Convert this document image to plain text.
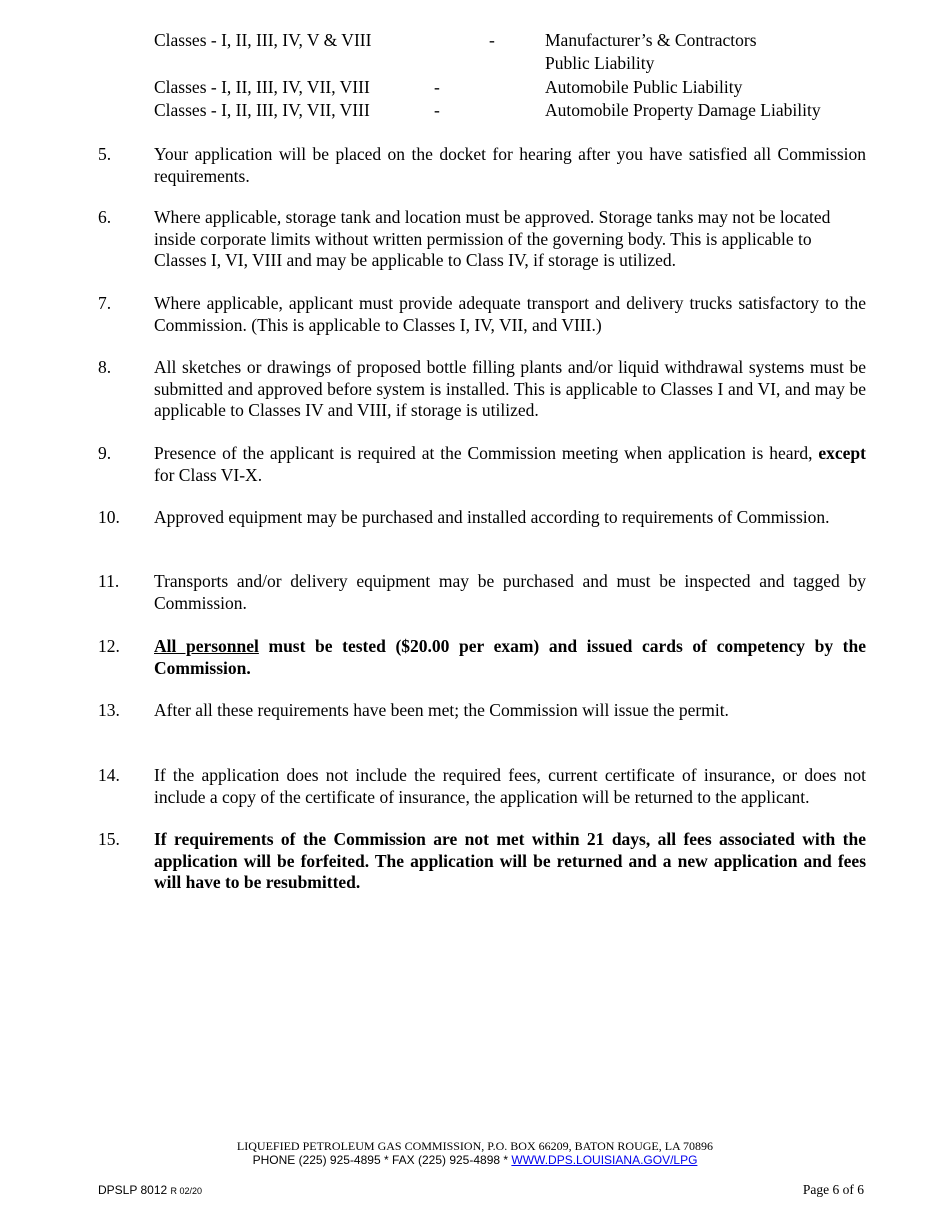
Classes - I, II, III, IV, V & VIII	-	Manufacturer’s & Contractors
Public Liability
Classes - I, II, III, IV, VII, VIII	-	Automobile Public Liability
Classes - I, II, III, IV, VII, VIII	-	Automobile Property Damage Liability
5. Your application will be placed on the docket for hearing after you have satisfied all Commission requirements.
6. Where applicable, storage tank and location must be approved. Storage tanks may not be located inside corporate limits without written permission of the governing body. This is applicable to Classes I, VI, VIII and may be applicable to Class IV, if storage is utilized.
7. Where applicable, applicant must provide adequate transport and delivery trucks satisfactory to the Commission. (This is applicable to Classes I, IV, VII, and VIII.)
8. All sketches or drawings of proposed bottle filling plants and/or liquid withdrawal systems must be submitted and approved before system is installed. This is applicable to Classes I and VI, and may be applicable to Classes IV and VIII, if storage is utilized.
9. Presence of the applicant is required at the Commission meeting when application is heard, except for Class VI-X.
10. Approved equipment may be purchased and installed according to requirements of Commission.
11. Transports and/or delivery equipment may be purchased and must be inspected and tagged by Commission.
12. All personnel must be tested ($20.00 per exam) and issued cards of competency by the Commission.
13. After all these requirements have been met; the Commission will issue the permit.
14. If the application does not include the required fees, current certificate of insurance, or does not include a copy of the certificate of insurance, the application will be returned to the applicant.
15. If requirements of the Commission are not met within 21 days, all fees associated with the application will be forfeited. The application will be returned and a new application and fees will have to be resubmitted.
LIQUEFIED PETROLEUM GAS COMMISSION, P.O. BOX 66209, BATON ROUGE, LA 70896
PHONE (225) 925-4895 * FAX (225) 925-4898 * WWW.DPS.LOUISIANA.GOV/LPG
DPSLP 8012 R 02/20	Page 6 of 6
